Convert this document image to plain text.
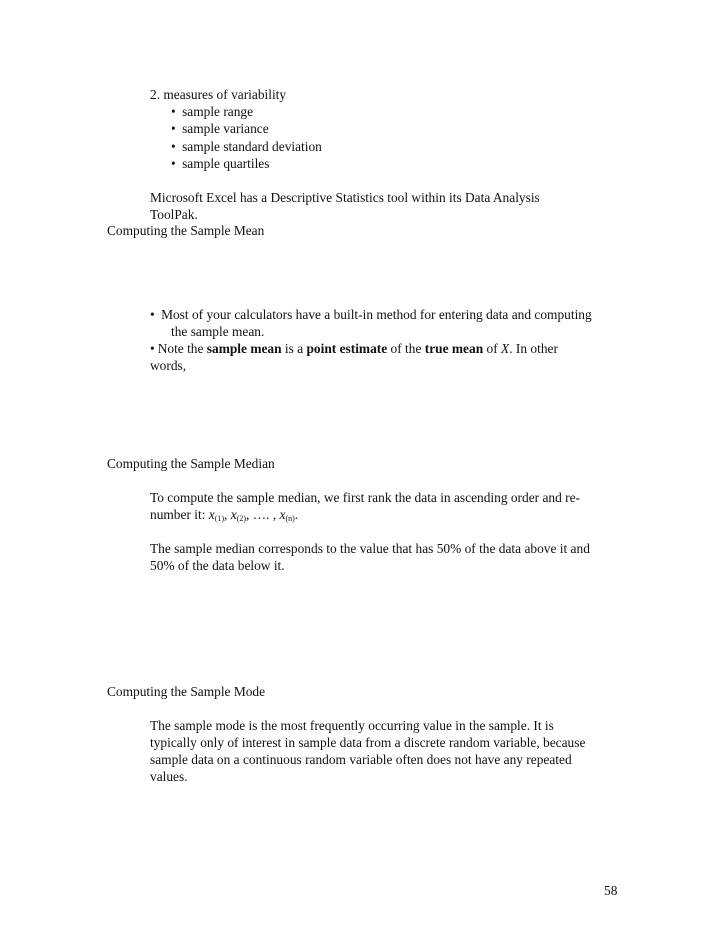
2. measures of variability
• sample range
• sample variance
• sample standard deviation
• sample quartiles
Microsoft Excel has a Descriptive Statistics tool within its Data Analysis
ToolPak.
Computing the Sample Mean
• Most of your calculators have a built-in method for entering data and computing
the sample mean.
• Note the sample mean is a point estimate of the true mean of X. In other
words,
Computing the Sample Median
To compute the sample median, we first rank the data in ascending order and re-
number it: $x_{(1)}$, $x_{(2)}$, …. , $x_{(n)}$.
The sample median corresponds to the value that has 50% of the data above it and
50% of the data below it.
Computing the Sample Mode
The sample mode is the most frequently occurring value in the sample. It is
typically only of interest in sample data from a discrete random variable, because
sample data on a continuous random variable often does not have any repeated
values.
58
